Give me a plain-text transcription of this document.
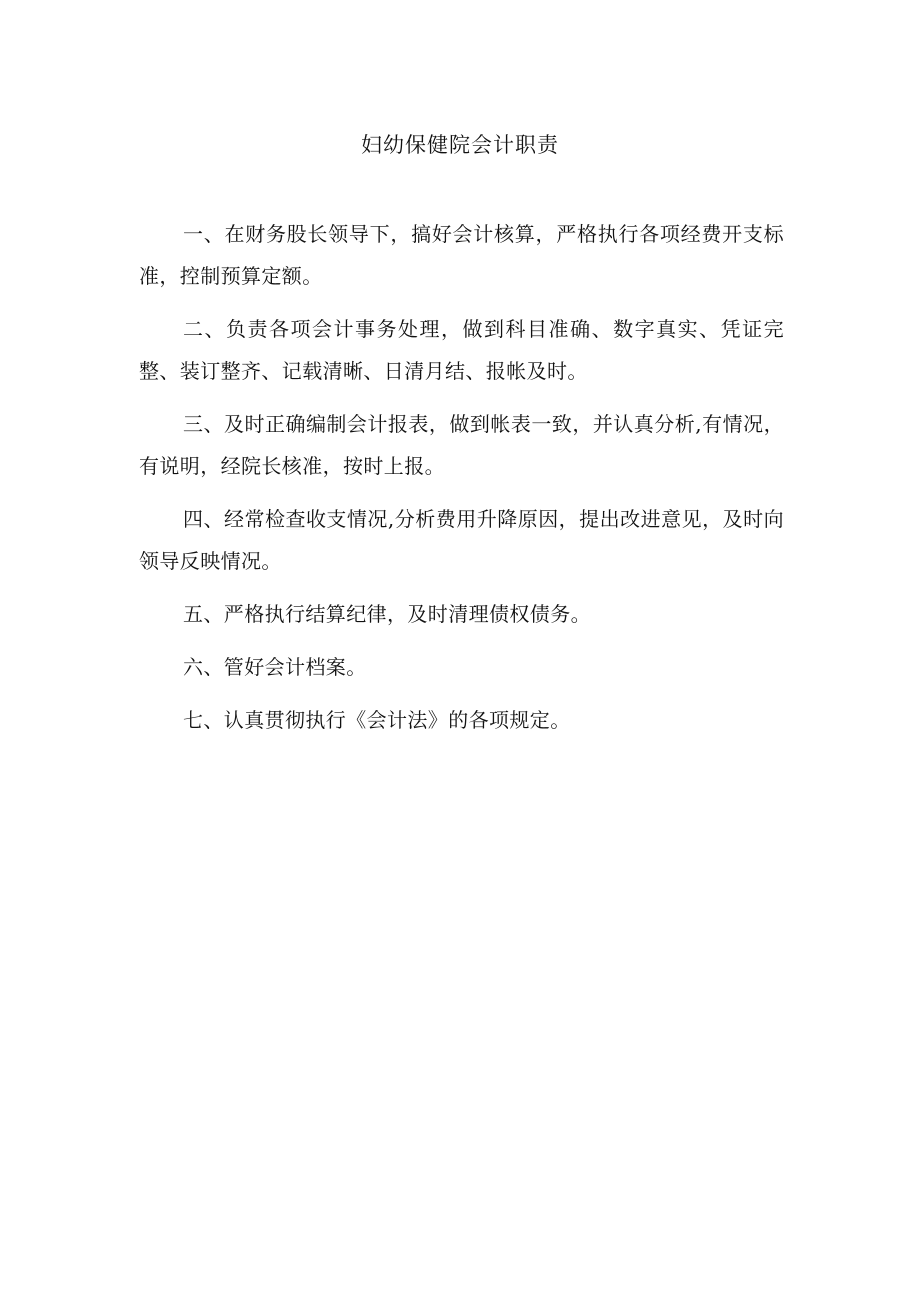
妇幼保健院会计职责

一、在财务股长领导下，搞好会计核算，严格执行各项经费开支标准，控制预算定额。

二、负责各项会计事务处理，做到科目准确、数字真实、凭证完整、装订整齐、记载清晰、日清月结、报帐及时。

三、及时正确编制会计报表，做到帐表一致，并认真分析,有情况，有说明，经院长核准，按时上报。

四、经常检查收支情况,分析费用升降原因，提出改进意见，及时向领导反映情况。

五、严格执行结算纪律，及时清理债权债务。

六、管好会计档案。

七、认真贯彻执行《会计法》的各项规定。
